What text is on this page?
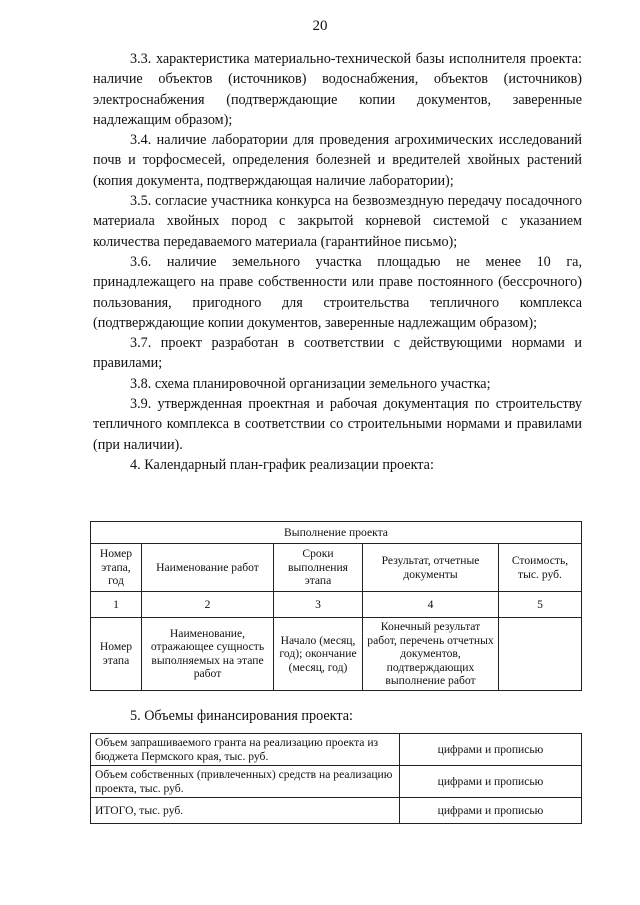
20

3.3. характеристика материально-технической базы исполнителя проекта: наличие объектов (источников) водоснабжения, объектов (источников) электроснабжения (подтверждающие копии документов, заверенные надлежащим образом);

3.4. наличие лаборатории для проведения агрохимических исследований почв и торфосмесей, определения болезней и вредителей хвойных растений (копия документа, подтверждающая наличие лаборатории);

3.5. согласие участника конкурса на безвозмездную передачу посадочного материала хвойных пород с закрытой корневой системой с указанием количества передаваемого материала (гарантийное письмо);

3.6. наличие земельного участка площадью не менее 10 га, принадлежащего на праве собственности или праве постоянного (бессрочного) пользования, пригодного для строительства тепличного комплекса (подтверждающие копии документов, заверенные надлежащим образом);

3.7. проект разработан в соответствии с действующими нормами и правилами;

3.8. схема планировочной организации земельного участка;

3.9. утвержденная проектная и рабочая документация по строительству тепличного комплекса в соответствии со строительными нормами и правилами (при наличии).

4. Календарный план-график реализации проекта:

Выполнение проекта				
Номер этапа, год	Наименование работ	Сроки выполнения этапа	Результат, отчетные документы	Стоимость, тыс. руб.
1	2	3	4	5
Номер этапа	Наименование, отражающее сущность выполняемых на этапе работ	Начало (месяц, год); окончание (месяц, год)	Конечный результат работ, перечень отчетных документов, подтверждающих выполнение работ	
5. Объемы финансирования проекта:
Объем запрашиваемого гранта на реализацию проекта из бюджета Пермского края, тыс. руб.	цифрами и прописью
Объем собственных (привлеченных) средств на реализацию проекта, тыс. руб.	цифрами и прописью
ИТОГО, тыс. руб.	цифрами и прописью
